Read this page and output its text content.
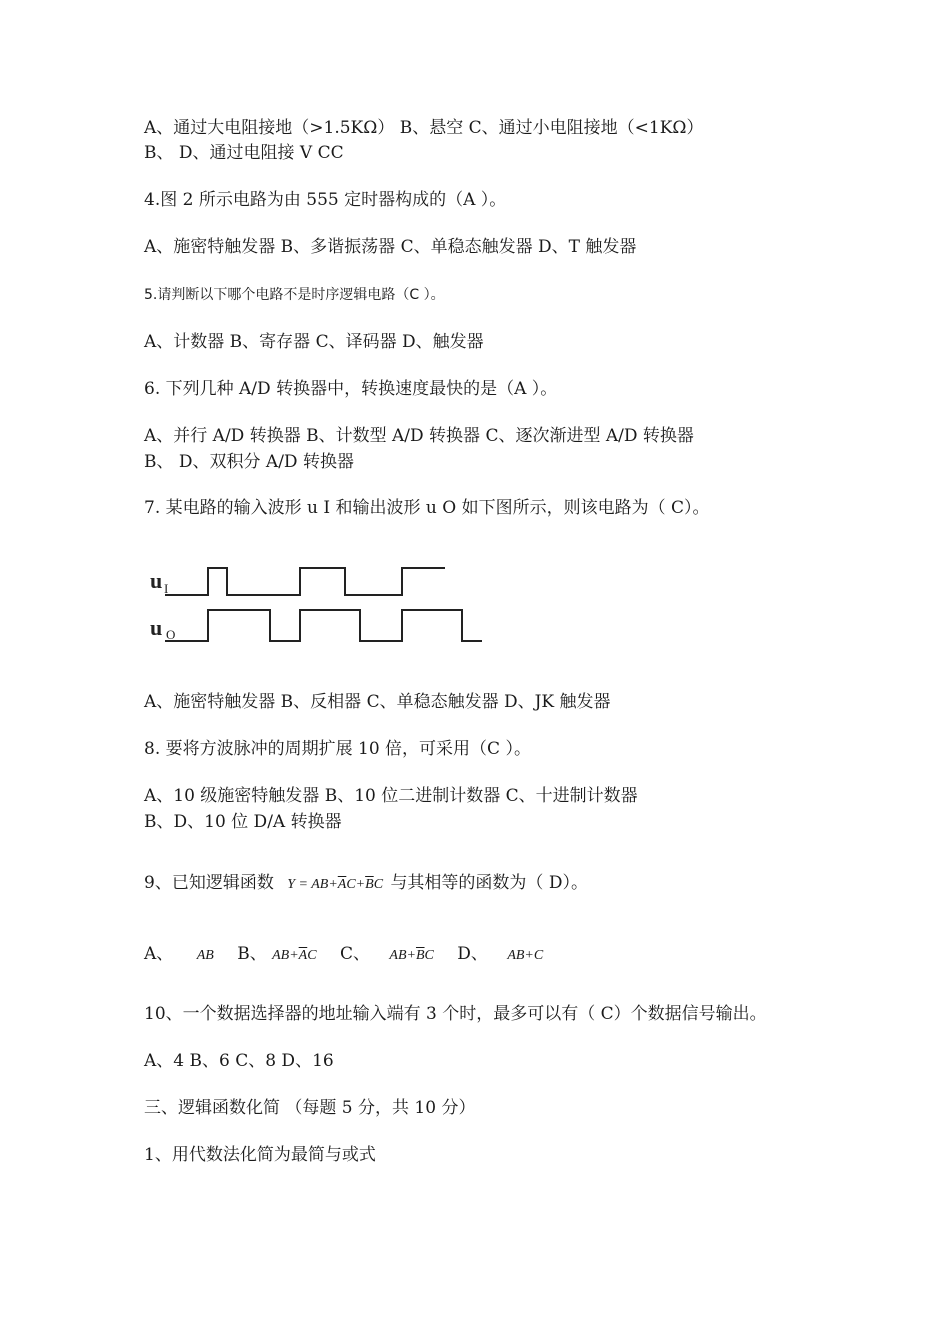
A、通过大电阻接地（>1.5KΩ） B、悬空 C、通过小电阻接地（<1KΩ）
B、 D、通过电阻接 V CC
4.图 2 所示电路为由 555 定时器构成的（A ）。
A、施密特触发器 B、多谐振荡器 C、单稳态触发器 D、T 触发器
5.请判断以下哪个电路不是时序逻辑电路（C ）。
A、计数器 B、寄存器 C、译码器 D、触发器
6. 下列几种 A/D 转换器中，转换速度最快的是（A ）。
A、并行 A/D 转换器 B、计数型 A/D 转换器 C、逐次渐进型 A/D 转换器
B、 D、双积分 A/D 转换器
7. 某电路的输入波形 u I 和输出波形 u O 如下图所示，则该电路为（ C）。
u I
u O
A、施密特触发器 B、反相器 C、单稳态触发器 D、JK 触发器
8. 要将方波脉冲的周期扩展 10 倍，可采用（C ）。
A、10 级施密特触发器 B、10 位二进制计数器 C、十进制计数器
B、D、10 位 D/A 转换器
9、已知逻辑函数 $Y = AB+\overline{A}C+\overline{B}C$ 与其相等的函数为（ D）。
A、 AB B、 $AB+\overline{A}C$ C、 $AB+\overline{B}C$ D、 AB+C
10、一个数据选择器的地址输入端有 3 个时，最多可以有（ C）个数据信号输出。
A、4 B、6 C、8 D、16
三、逻辑函数化简 （每题 5 分，共 10 分）
1、用代数法化简为最简与或式
